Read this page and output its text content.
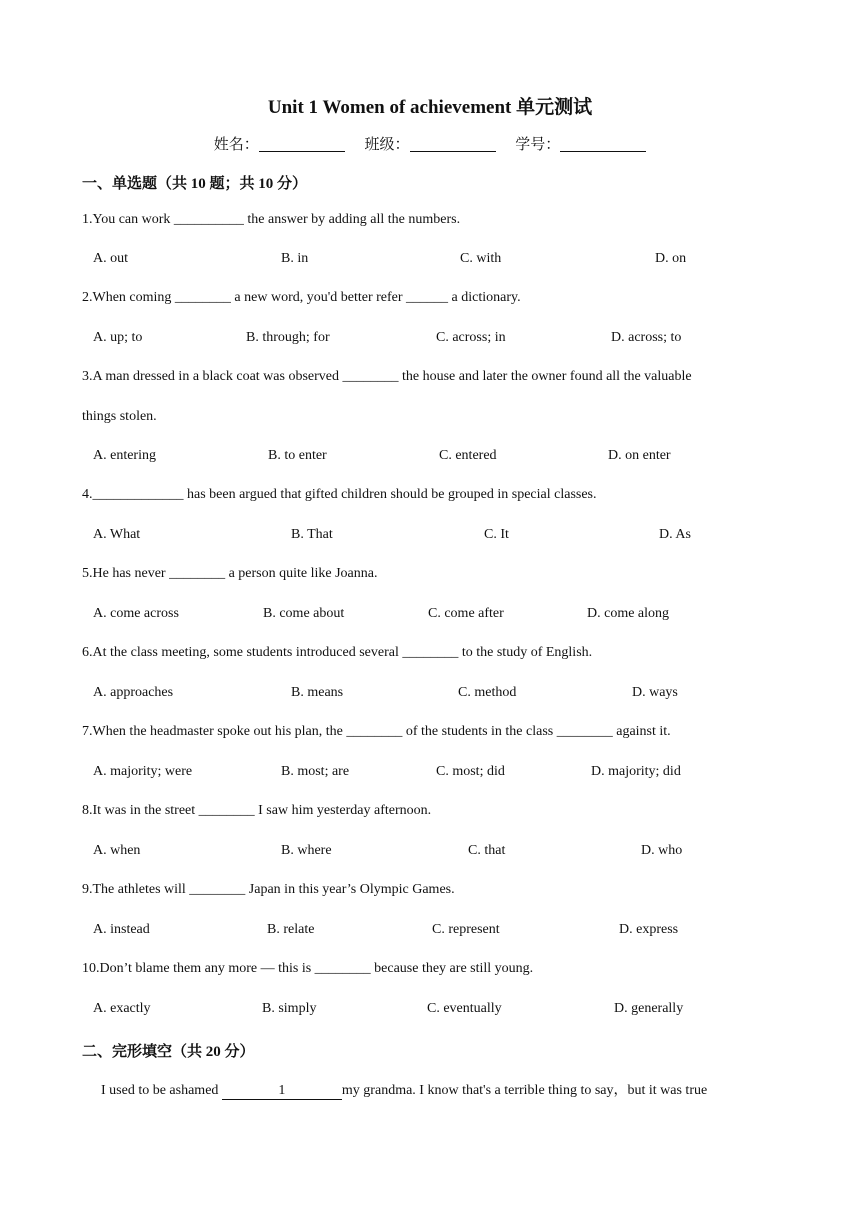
Unit 1 Women of achievement 单元测试
姓名：	班级：	学号：
一、单选题（共 10 题；共 10 分）
1.You can work __________ the answer by adding all the numbers.
A. out	B. in	C. with	D. on
2.When coming ________ a new word, you'd better refer ______ a dictionary.
A. up; to	B. through; for	C. across; in	D. across; to
3.A man dressed in a black coat was observed ________ the house and later the owner found all the valuable
things stolen.
A. entering	B. to enter	C. entered	D. on enter
4._____________ has been argued that gifted children should be grouped in special classes.
A. What	B. That	C. It	D. As
5.He has never ________ a person quite like Joanna.
A. come across	B. come about	C. come after	D. come along
6.At the class meeting, some students introduced several ________ to the study of English.
A. approaches	B. means	C. method	D. ways
7.When the headmaster spoke out his plan, the ________ of the students in the class ________ against it.
A. majority; were	B. most; are	C. most; did	D. majority; did
8.It was in the street ________ I saw him yesterday afternoon.
A. when	B. where	C. that	D. who
9.The athletes will ________ Japan in this year’s Olympic Games.
A. instead	B. relate	C. represent	D. express
10.Don’t blame them any more — this is ________ because they are still young.
A. exactly	B. simply	C. eventually	D. generally
二、完形填空（共 20 分）
I used to be ashamed	1	my grandma. I know that's a terrible thing to say，but it was true
